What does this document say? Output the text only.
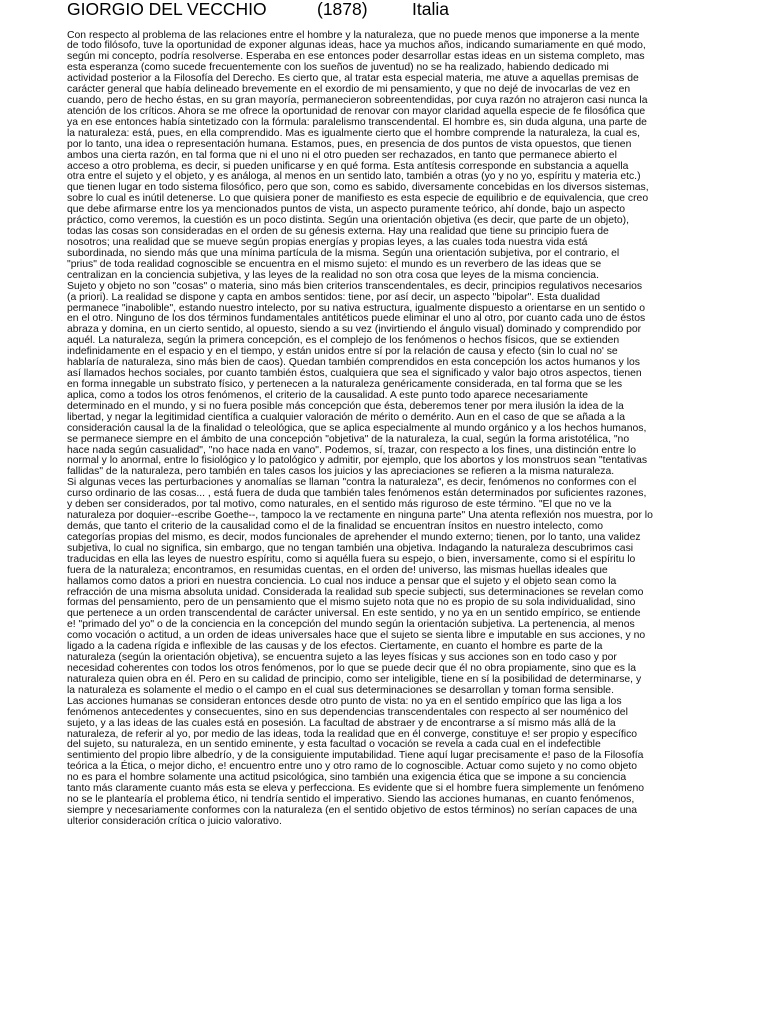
GIORGIO DEL VECCHIO	(1878)	Italia
Con respecto al problema de las relaciones entre el hombre y la naturaleza, que no puede menos que imponerse a la mente
de todo filósofo, tuve la oportunidad de exponer algunas ideas, hace ya muchos años, indicando sumariamente en qué modo,
según mi concepto, podría resolverse. Esperaba en ese entonces poder desarrollar estas ideas en un sistema completo, mas
esta esperanza (como sucede frecuentemente con los sueños de juventud) no se ha realizado, habiendo dedicado mi
actividad posterior a la Filosofía del Derecho. Es cierto que, al tratar esta especial materia, me atuve a aquellas premisas de
carácter general que había delineado brevemente en el exordio de mi pensamiento, y que no dejé de invocarlas de vez en
cuando, pero de hecho éstas, en su gran mayoría, permanecieron sobreentendidas, por cuya razón no atrajeron casi nunca la
atención de los críticos. Ahora se me ofrece la oportunidad de renovar con mayor claridad aquella especie de fe filosófica que
ya en ese entonces había sintetizado con la fórmula: paralelismo transcendental. El hombre es, sin duda alguna, una parte de
la naturaleza: está, pues, en ella comprendido. Mas es igualmente cierto que el hombre comprende la naturaleza, la cual es,
por lo tanto, una idea o representación humana. Estamos, pues, en presencia de dos puntos de vista opuestos, que tienen
ambos una cierta razón, en tal forma que ni el uno ni el otro pueden ser rechazados, en tanto que permanece abierto el
acceso a otro problema, es decir, si pueden unificarse y en qué forma. Esta antítesis corresponde en substancia a aquella
otra entre el sujeto y el objeto, y es análoga, al menos en un sentido lato, también a otras (yo y no yo, espíritu y materia etc.)
que tienen lugar en todo sistema filosófico, pero que son, como es sabido, diversamente concebidas en los diversos sistemas,
sobre lo cual es inútil detenerse. Lo que quisiera poner de manifiesto es esta especie de equilibrio e de equivalencia, que creo
que debe afirmarse entre los ya mencionados puntos de vista, un aspecto puramente teórico, ahí donde, bajo un aspecto
práctico, como veremos, la cuestión es un poco distinta. Según una orientación objetiva (es decir, que parte de un objeto),
todas las cosas son consideradas en el orden de su génesis externa. Hay una realidad que tiene su principio fuera de
nosotros; una realidad que se mueve según propias energías y propias leyes, a las cuales toda nuestra vida está
subordinada, no siendo más que una mínima partícula de la misma. Según una orientación subjetiva, por el contrario, el
"prius" de toda realidad cognoscible se encuentra en el mismo sujeto: el mundo es un reverbero de las ideas que se
centralizan en la conciencia subjetiva, y las leyes de la realidad no son otra cosa que leyes de la misma conciencia.
Sujeto y objeto no son "cosas" o materia, sino más bien criterios transcendentales, es decir, principios regulativos necesarios
(a priori). La realidad se dispone y capta en ambos sentidos: tiene, por así decir, un aspecto "bipolar". Esta dualidad
permanece "inabolible", estando nuestro intelecto, por su nativa estructura, igualmente dispuesto a orientarse en un sentido o
en el otro. Ninguno de los dos términos fundamentales antitéticos puede eliminar el uno al otro, por cuanto cada uno de éstos
abraza y domina, en un cierto sentido, al opuesto, siendo a su vez (invirtiendo el ángulo visual) dominado y comprendido por
aquél. La naturaleza, según la primera concepción, es el complejo de los fenómenos o hechos físicos, que se extienden
indefinidamente en el espacio y en el tiempo, y están unidos entre sí por la relación de causa y efecto (sin lo cual no' se
hablaría de naturaleza, sino más bien de caos). Quedan también comprendidos en esta concepción los actos humanos y los
así llamados hechos sociales, por cuanto también éstos, cualquiera que sea el significado y valor bajo otros aspectos, tienen
en forma innegable un substrato físico, y pertenecen a la naturaleza genéricamente considerada, en tal forma que se les
aplica, como a todos los otros fenómenos, el criterio de la causalidad. A este punto todo aparece necesariamente
determinado en el mundo, y si no fuera posible más concepción que ésta, deberemos tener por mera ilusión la idea de la
libertad, y negar la legitimidad científica a cualquier valoración de mérito o demérito. Aun en el caso de que se añada a la
consideración causal la de la finalidad o teleológica, que se aplica especialmente al mundo orgánico y a los hechos humanos,
se permanece siempre en el ámbito de una concepción "objetiva" de la naturaleza, la cual, según la forma aristotélica, "no
hace nada según casualidad", "no hace nada en vano". Podemos, sí, trazar, con respecto a los fines, una distinción entre lo
normal y lo anormal, entre lo fisiológico y lo patológico y admitir, por ejemplo, que los abortos y los monstruos sean "tentativas
fallidas" de la naturaleza, pero también en tales casos los juicios y las apreciaciones se refieren a la misma naturaleza.
Si algunas veces las perturbaciones y anomalías se llaman "contra la naturaleza", es decir, fenómenos no conformes con el
curso ordinario de las cosas... , está fuera de duda que también tales fenómenos están determinados por suficientes razones,
y deben ser considerados, por tal motivo, como naturales, en el sentido más riguroso de este término. "El que no ve la
naturaleza por doquier--escribe Goethe--, tampoco la ve rectamente en ninguna parte" Una atenta reflexión nos muestra, por lo
demás, que tanto el criterio de la causalidad como el de la finalidad se encuentran ínsitos en nuestro intelecto, como
categorías propias del mismo, es decir, modos funcionales de aprehender el mundo externo; tienen, por lo tanto, una validez
subjetiva, lo cual no significa, sin embargo, que no tengan también una objetiva. Indagando la naturaleza descubrimos casi
traducidas en ella las leyes de nuestro espíritu, como si aquélla fuera su espejo, o bien, inversamente, como si el espíritu lo
fuera de la naturaleza; encontramos, en resumidas cuentas, en el orden de! universo, las mismas huellas ideales que
hallamos como datos a priori en nuestra conciencia. Lo cual nos induce a pensar que el sujeto y el objeto sean como la
refracción de una misma absoluta unidad. Considerada la realidad sub specie subjecti, sus determinaciones se revelan como
formas del pensamiento, pero de un pensamiento que el mismo sujeto nota que no es propio de su sola individualidad, sino
que pertenece a un orden transcendental de carácter universal. En este sentido, y no ya en un sentido empírico, se entiende
e! "primado del yo" o de la conciencia en la concepción del mundo según la orientación subjetiva. La pertenencia, al menos
como vocación o actitud, a un orden de ideas universales hace que el sujeto se sienta libre e imputable en sus acciones, y no
ligado a la cadena rígida e inflexible de las causas y de los efectos. Ciertamente, en cuanto el hombre es parte de la
naturaleza (según la orientación objetiva), se encuentra sujeto a las leyes físicas y sus acciones son en todo caso y por
necesidad coherentes con todos los otros fenómenos, por lo que se puede decir que él no obra propiamente, sino que es la
naturaleza quien obra en él. Pero en su calidad de principio, como ser inteligible, tiene en sí la posibilidad de determinarse, y
la naturaleza es solamente el medio o el campo en el cual sus determinaciones se desarrollan y toman forma sensible.
Las acciones humanas se consideran entonces desde otro punto de vista: no ya en el sentido empírico que las liga a los
fenómenos antecedentes y consecuentes, sino en sus dependencias transcendentales con respecto al ser nouménico del
sujeto, y a las ideas de las cuales está en posesión. La facultad de abstraer y de encontrarse a sí mismo más allá de la
naturaleza, de referir al yo, por medio de las ideas, toda la realidad que en él converge, constituye e! ser propio y específico
del sujeto, su naturaleza, en un sentido eminente, y esta facultad o vocación se revela a cada cual en el indefectible
sentimiento del propio libre albedrío, y de la consiguiente imputabilidad. Tiene aquí lugar precisamente e! paso de la Filosofía
teórica a la Ética, o mejor dicho, e! encuentro entre uno y otro ramo de lo cognoscible. Actuar como sujeto y no como objeto
no es para el hombre solamente una actitud psicológica, sino también una exigencia ética que se impone a su conciencia
tanto más claramente cuanto más esta se eleva y perfecciona. Es evidente que si el hombre fuera simplemente un fenómeno
no se le plantearía el problema ético, ni tendría sentido el imperativo. Siendo las acciones humanas, en cuanto fenómenos,
siempre y necesariamente conformes con la naturaleza (en el sentido objetivo de estos términos) no serían capaces de una
ulterior consideración crítica o juicio valorativo.
